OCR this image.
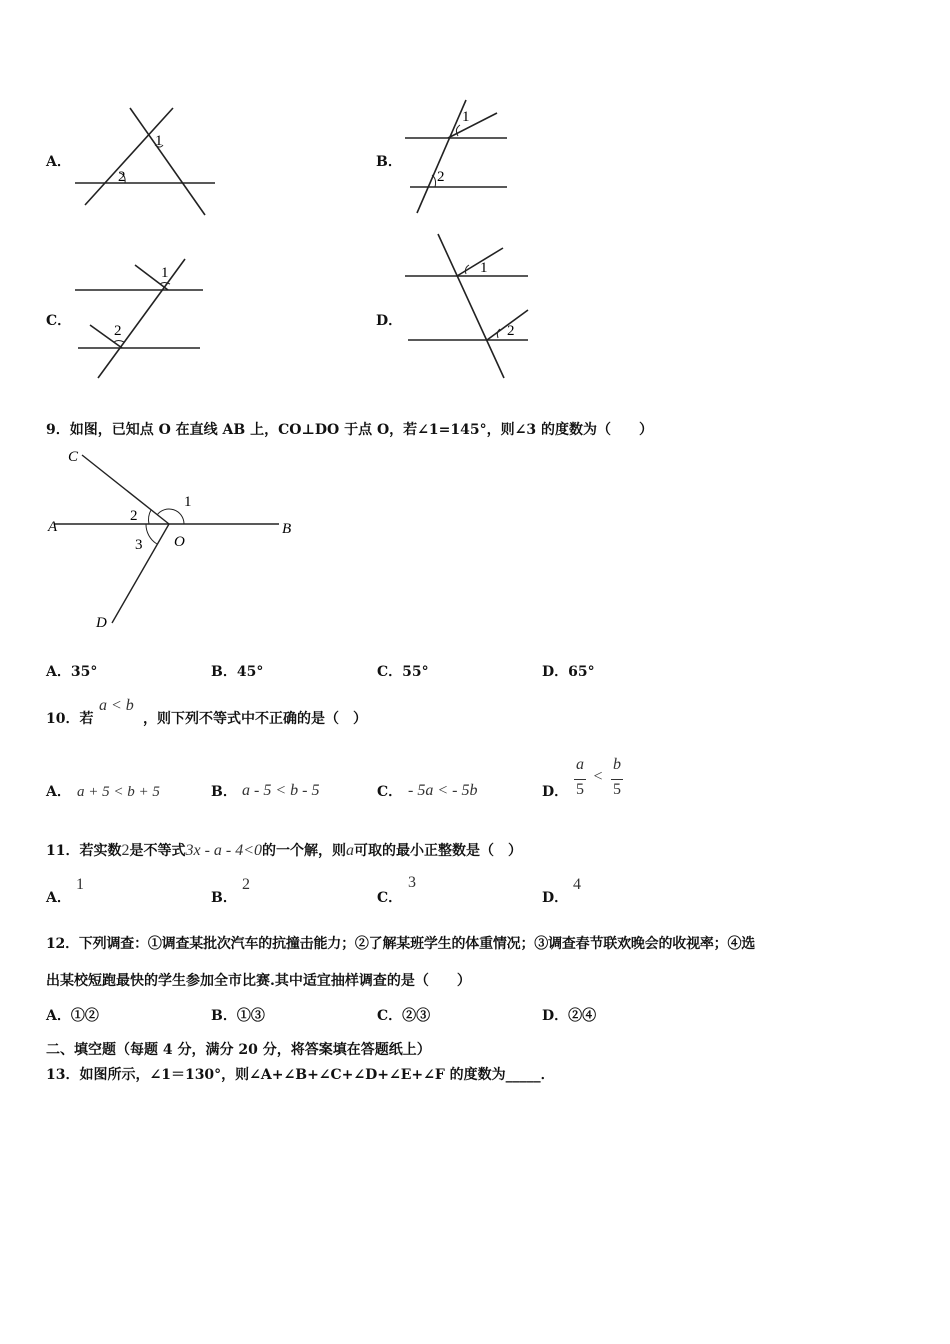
A．
1
2
B．
1
2
C．
1
2
D．
1
2
9．如图，已知点 O 在直线 AB 上，CO⊥DO 于点 O，若∠1=145°，则∠3 的度数为（　　）
C
A
O
B
D
1
2
3
A．35°	B．45°	C．55°	D．65°
10．若
a < b
，则下列不等式中不正确的是（　）
A． a + 5 < b + 5	B． a - 5 < b - 5	C． - 5a < - 5b	D．
a
5
<
b
5
11．若实数2是不等式3x - a - 4<0的一个解，则a可取的最小正整数是（　）
A．
1
B．
2
C．
3
D．
4
12．下列调查：①调查某批次汽车的抗撞击能力；②了解某班学生的体重情况；③调查春节联欢晚会的收视率；④选
出某校短跑最快的学生参加全市比赛.其中适宜抽样调查的是（　　）
A．①②	B．①③	C．②③	D．②④
二、填空题（每题 4 分，满分 20 分，将答案填在答题纸上）
13．如图所示，∠1＝130°，则∠A+∠B+∠C+∠D+∠E+∠F 的度数为_____．
